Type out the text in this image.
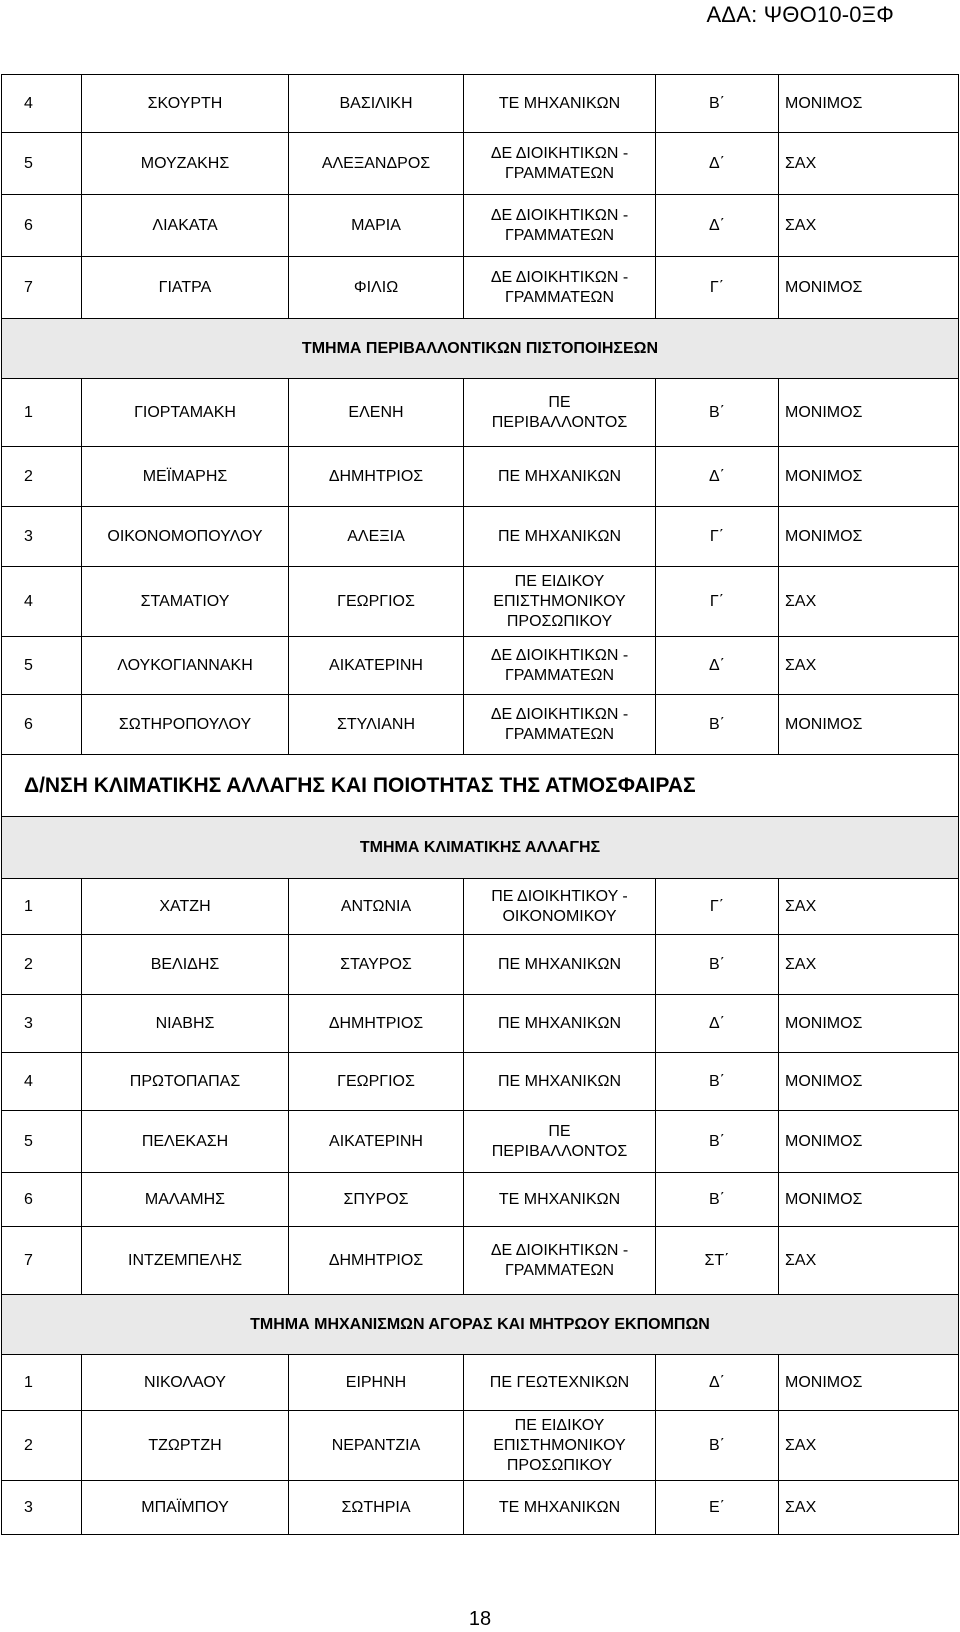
ΑΔΑ: ΨΘΟ10-0ΞΦ
4	ΣΚΟΥΡΤΗ	ΒΑΣΙΛΙΚΗ	ΤΕ ΜΗΧΑΝΙΚΩΝ	Β΄	ΜΟΝΙΜΟΣ
5	ΜΟΥΖΑΚΗΣ	ΑΛΕΞΑΝΔΡΟΣ	ΔΕ ΔΙΟΙΚΗΤΙΚΩΝ - ΓΡΑΜΜΑΤΕΩΝ	Δ΄	ΣΑΧ
6	ΛΙΑΚΑΤΑ	ΜΑΡΙΑ	ΔΕ ΔΙΟΙΚΗΤΙΚΩΝ - ΓΡΑΜΜΑΤΕΩΝ	Δ΄	ΣΑΧ
7	ΓΙΑΤΡΑ	ΦΙΛΙΩ	ΔΕ ΔΙΟΙΚΗΤΙΚΩΝ - ΓΡΑΜΜΑΤΕΩΝ	Γ΄	ΜΟΝΙΜΟΣ
ΤΜΗΜΑ ΠΕΡΙΒΑΛΛΟΝΤΙΚΩΝ ΠΙΣΤΟΠΟΙΗΣΕΩΝ					
1	ΓΙΟΡΤΑΜΑΚΗ	ΕΛΕΝΗ	ΠΕ ΠΕΡΙΒΑΛΛΟΝΤΟΣ	Β΄	ΜΟΝΙΜΟΣ
2	ΜΕΪΜΑΡΗΣ	ΔΗΜΗΤΡΙΟΣ	ΠΕ ΜΗΧΑΝΙΚΩΝ	Δ΄	ΜΟΝΙΜΟΣ
3	ΟΙΚΟΝΟΜΟΠΟΥΛΟΥ	ΑΛΕΞΙΑ	ΠΕ ΜΗΧΑΝΙΚΩΝ	Γ΄	ΜΟΝΙΜΟΣ
4	ΣΤΑΜΑΤΙΟΥ	ΓΕΩΡΓΙΟΣ	ΠΕ ΕΙΔΙΚΟΥ ΕΠΙΣΤΗΜΟΝΙΚΟΥ ΠΡΟΣΩΠΙΚΟΥ	Γ΄	ΣΑΧ
5	ΛΟΥΚΟΓΙΑΝΝΑΚΗ	ΑΙΚΑΤΕΡΙΝΗ	ΔΕ ΔΙΟΙΚΗΤΙΚΩΝ - ΓΡΑΜΜΑΤΕΩΝ	Δ΄	ΣΑΧ
6	ΣΩΤΗΡΟΠΟΥΛΟΥ	ΣΤΥΛΙΑΝΗ	ΔΕ ΔΙΟΙΚΗΤΙΚΩΝ - ΓΡΑΜΜΑΤΕΩΝ	Β΄	ΜΟΝΙΜΟΣ
Δ/ΝΣΗ ΚΛΙΜΑΤΙΚΗΣ ΑΛΛΑΓΗΣ ΚΑΙ ΠΟΙΟΤΗΤΑΣ ΤΗΣ ΑΤΜΟΣΦΑΙΡΑΣ					
ΤΜΗΜΑ ΚΛΙΜΑΤΙΚΗΣ ΑΛΛΑΓΗΣ					
1	ΧΑΤΖΗ	ΑΝΤΩΝΙΑ	ΠΕ ΔΙΟΙΚΗΤΙΚΟΥ - ΟΙΚΟΝΟΜΙΚΟΥ	Γ΄	ΣΑΧ
2	ΒΕΛΙΔΗΣ	ΣΤΑΥΡΟΣ	ΠΕ ΜΗΧΑΝΙΚΩΝ	Β΄	ΣΑΧ
3	ΝΙΑΒΗΣ	ΔΗΜΗΤΡΙΟΣ	ΠΕ ΜΗΧΑΝΙΚΩΝ	Δ΄	ΜΟΝΙΜΟΣ
4	ΠΡΩΤΟΠΑΠΑΣ	ΓΕΩΡΓΙΟΣ	ΠΕ ΜΗΧΑΝΙΚΩΝ	Β΄	ΜΟΝΙΜΟΣ
5	ΠΕΛΕΚΑΣΗ	ΑΙΚΑΤΕΡΙΝΗ	ΠΕ ΠΕΡΙΒΑΛΛΟΝΤΟΣ	Β΄	ΜΟΝΙΜΟΣ
6	ΜΑΛΑΜΗΣ	ΣΠΥΡΟΣ	ΤΕ ΜΗΧΑΝΙΚΩΝ	Β΄	ΜΟΝΙΜΟΣ
7	ΙΝΤΖΕΜΠΕΛΗΣ	ΔΗΜΗΤΡΙΟΣ	ΔΕ ΔΙΟΙΚΗΤΙΚΩΝ - ΓΡΑΜΜΑΤΕΩΝ	ΣΤ΄	ΣΑΧ
ΤΜΗΜΑ ΜΗΧΑΝΙΣΜΩΝ ΑΓΟΡΑΣ ΚΑΙ ΜΗΤΡΩΟΥ ΕΚΠΟΜΠΩΝ					
1	ΝΙΚΟΛΑΟΥ	ΕΙΡΗΝΗ	ΠΕ ΓΕΩΤΕΧΝΙΚΩΝ	Δ΄	ΜΟΝΙΜΟΣ
2	ΤΖΩΡΤΖΗ	ΝΕΡΑΝΤΖΙΑ	ΠΕ ΕΙΔΙΚΟΥ ΕΠΙΣΤΗΜΟΝΙΚΟΥ ΠΡΟΣΩΠΙΚΟΥ	Β΄	ΣΑΧ
3	ΜΠΑΪΜΠΟΥ	ΣΩΤΗΡΙΑ	ΤΕ ΜΗΧΑΝΙΚΩΝ	Ε΄	ΣΑΧ
18
